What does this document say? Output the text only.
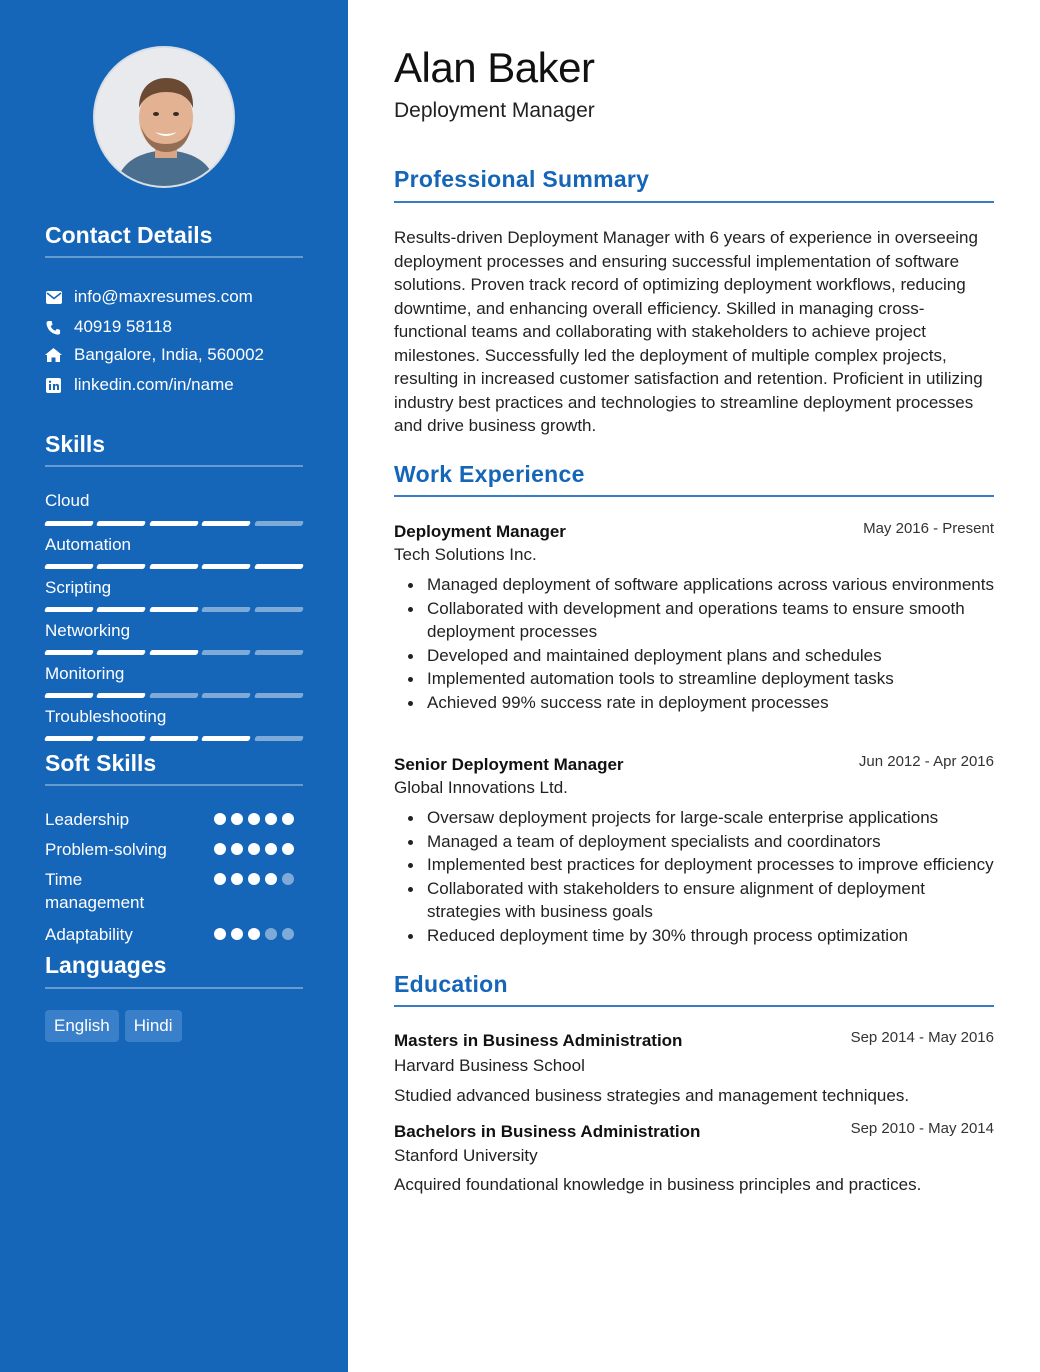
Contact Details
info@maxresumes.com
40919 58118
Bangalore, India, 560002
linkedin.com/in/name
Skills
Cloud
Automation
Scripting
Networking
Monitoring
Troubleshooting
Soft Skills
Leadership
Problem-solving
Time management
Adaptability
Languages
English	Hindi
Alan Baker
Deployment Manager
Professional Summary
Results-driven Deployment Manager with 6 years of experience in overseeing deployment processes and ensuring successful implementation of software solutions. Proven track record of optimizing deployment workflows, reducing downtime, and enhancing overall efficiency. Skilled in managing cross-functional teams and collaborating with stakeholders to achieve project milestones. Successfully led the deployment of multiple complex projects, resulting in increased customer satisfaction and retention. Proficient in utilizing industry best practices and technologies to streamline deployment processes and drive business growth.
Work Experience
Deployment Manager	May 2016 - Present
Tech Solutions Inc.
Managed deployment of software applications across various environments
Collaborated with development and operations teams to ensure smooth deployment processes
Developed and maintained deployment plans and schedules
Implemented automation tools to streamline deployment tasks
Achieved 99% success rate in deployment processes
Senior Deployment Manager	Jun 2012 - Apr 2016
Global Innovations Ltd.
Oversaw deployment projects for large-scale enterprise applications
Managed a team of deployment specialists and coordinators
Implemented best practices for deployment processes to improve efficiency
Collaborated with stakeholders to ensure alignment of deployment strategies with business goals
Reduced deployment time by 30% through process optimization
Education
Masters in Business Administration	Sep 2014 - May 2016
Harvard Business School
Studied advanced business strategies and management techniques.
Bachelors in Business Administration	Sep 2010 - May 2014
Stanford University
Acquired foundational knowledge in business principles and practices.
